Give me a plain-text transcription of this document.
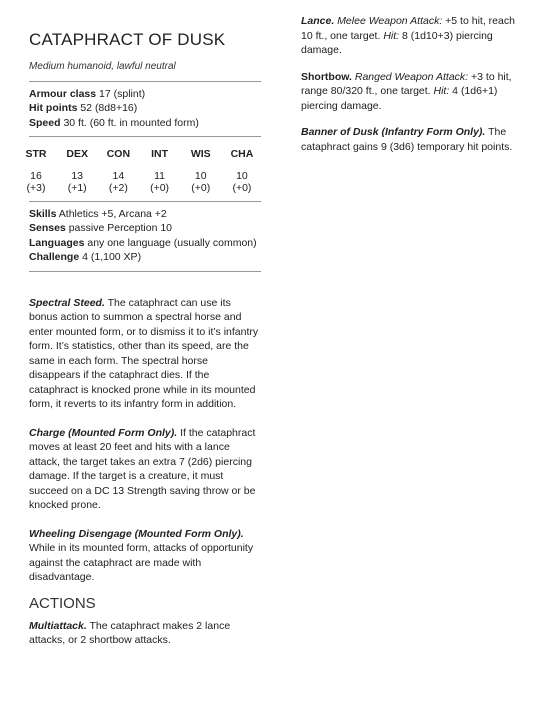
CATAPHRACT OF DUSK
Medium humanoid, lawful neutral
Armour class 17 (splint)
Hit points 52 (8d8+16)
Speed 30 ft. (60 ft. in mounted form)
STR
16
(+3)
DEX
13
(+1)
CON
14
(+2)
INT
11
(+0)
WIS
10
(+0)
CHA
10
(+0)
Skills Athletics +5, Arcana +2
Senses passive Perception 10
Languages any one language (usually common)
Challenge 4 (1,100 XP)
Spectral Steed. The cataphract can use its bonus action to summon a spectral horse and enter mounted form, or to dismiss it to it’s infantry form. It’s statistics, other than its speed, are the same in each form. The spectral horse disappears if the cataphract dies. If the cataphract is knocked prone while in its mounted form, it reverts to its infantry form in addition.
Charge (Mounted Form Only). If the cataphract moves at least 20 feet and hits with a lance attack, the target takes an extra 7 (2d6) piercing damage. If the target is a creature, it must succeed on a DC 13 Strength saving throw or be knocked prone.
Wheeling Disengage (Mounted Form Only). While in its mounted form, attacks of opportunity against the cataphract are made with disadvantage.
ACTIONS
Multiattack. The cataphract makes 2 lance attacks, or 2 shortbow attacks.
Lance. Melee Weapon Attack: +5 to hit, reach 10 ft., one target. Hit: 8 (1d10+3) piercing damage.
Shortbow. Ranged Weapon Attack: +3 to hit, range 80/320 ft., one target. Hit: 4 (1d6+1) piercing damage.
Banner of Dusk (Infantry Form Only). The cataphract gains 9 (3d6) temporary hit points.
